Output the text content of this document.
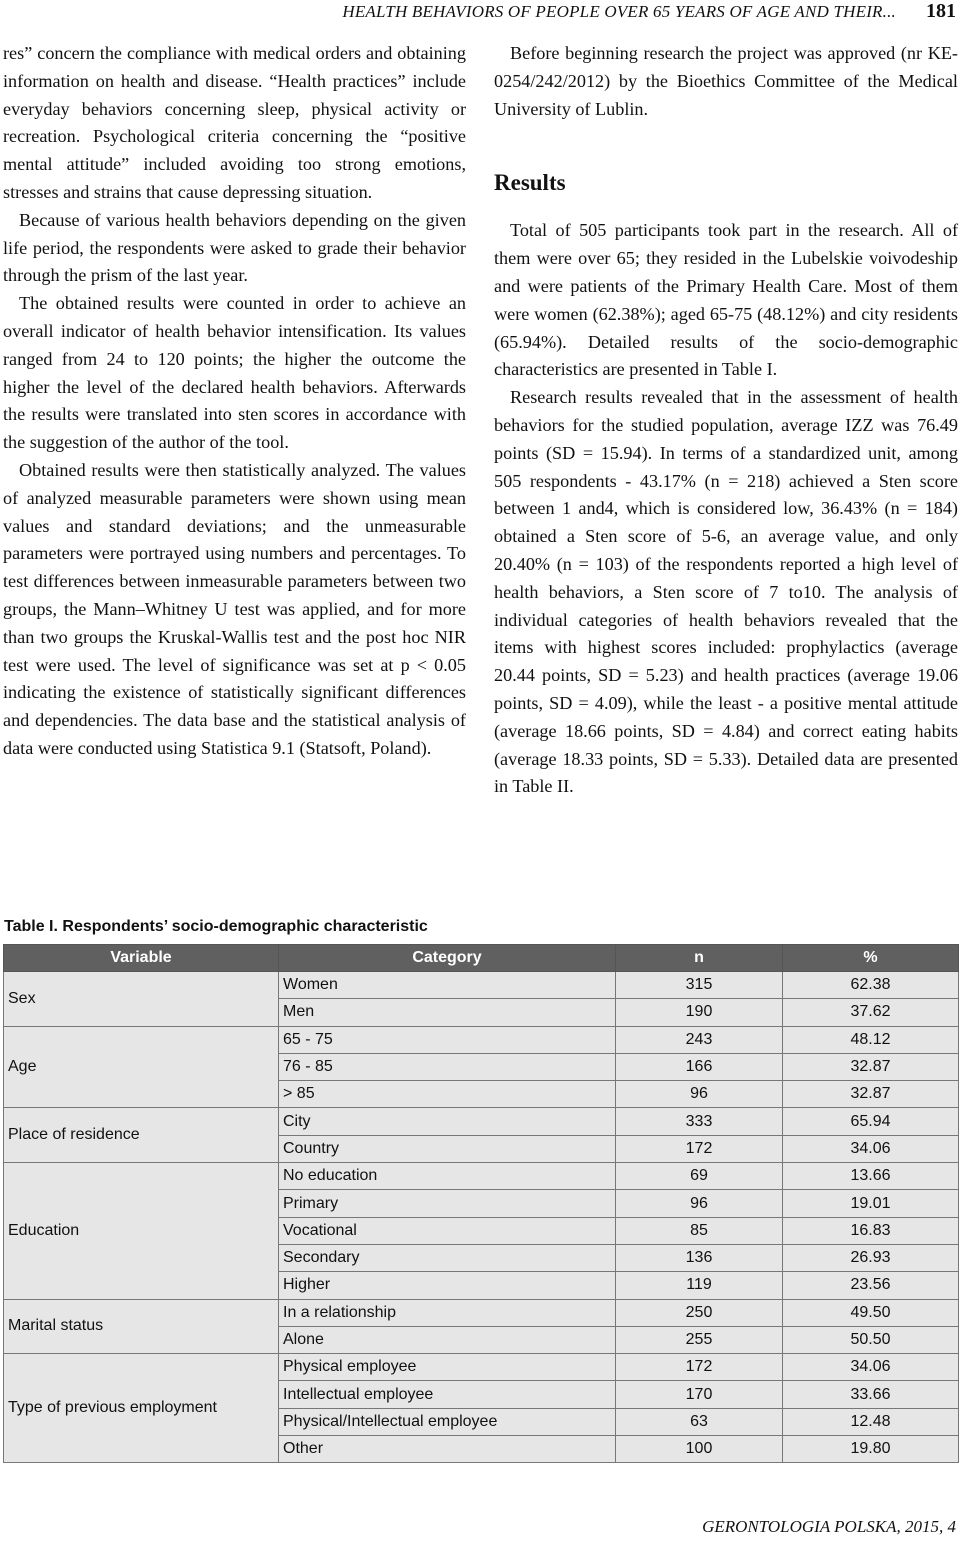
HEALTH BEHAVIORS OF PEOPLE OVER 65 YEARS OF AGE AND THEIR... 181

res” concern the compliance with medical orders and obtaining information on health and disease. “Health practices” include everyday behaviors concerning sleep, physical activity or recreation. Psychological criteria concerning the “positive mental attitude” included avoiding too strong emotions, stresses and strains that cause depressing situation.

Because of various health behaviors depending on the given life period, the respondents were asked to grade their behavior through the prism of the last year.

The obtained results were counted in order to achieve an overall indicator of health behavior intensification. Its values ranged from 24 to 120 points; the higher the outcome the higher the level of the declared health behaviors. Afterwards the results were translated into sten scores in accordance with the suggestion of the author of the tool.

Obtained results were then statistically analyzed. The values of analyzed measurable parameters were shown using mean values and standard deviations; and the unmeasurable parameters were portrayed using numbers and percentages. To test differences between inmeasurable parameters between two groups, the Mann–Whitney U test was applied, and for more than two groups the Kruskal-Wallis test and the post hoc NIR test were used. The level of significance was set at p < 0.05 indicating the existence of statistically significant differences and dependencies. The data base and the statistical analysis of data were conducted using Statistica 9.1 (Statsoft, Poland).

Before beginning research the project was approved (nr KE-0254/242/2012) by the Bioethics Committee of the Medical University of Lublin.

Results

Total of 505 participants took part in the research. All of them were over 65; they resided in the Lubelskie voivodeship and were patients of the Primary Health Care. Most of them were women (62.38%); aged 65-75 (48.12%) and city residents (65.94%). Detailed results of the socio-demographic characteristics are presented in Table I.

Research results revealed that in the assessment of health behaviors for the studied population, average IZZ was 76.49 points (SD = 15.94). In terms of a standardized unit, among 505 respondents - 43.17% (n = 218) achieved a Sten score between 1 and4, which is considered low, 36.43% (n = 184) obtained a Sten score of 5-6, an average value, and only 20.40% (n = 103) of the respondents reported a high level of health behaviors, a Sten score of 7 to10. The analysis of individual categories of health behaviors revealed that the items with highest scores included: prophylactics (average 20.44 points, SD = 5.23) and health practices (average 19.06 points, SD = 4.09), while the least - a positive mental attitude (average 18.66 points, SD = 4.84) and correct eating habits (average 18.33 points, SD = 5.33). Detailed data are presented in Table II.

Table I. Respondents’ socio-demographic characteristic
Variable	Category	n	%
Sex	Women	315	62.38
	Men	190	37.62
Age	65 - 75	243	48.12
	76 - 85	166	32.87
	> 85	96	32.87
Place of residence	City	333	65.94
	Country	172	34.06
Education	No education	69	13.66
	Primary	96	19.01
	Vocational	85	16.83
	Secondary	136	26.93
	Higher	119	23.56
Marital status	In a relationship	250	49.50
	Alone	255	50.50
Type of previous employment	Physical employee	172	34.06
	Intellectual employee	170	33.66
	Physical/Intellectual employee	63	12.48
	Other	100	19.80
GERONTOLOGIA POLSKA, 2015, 4
